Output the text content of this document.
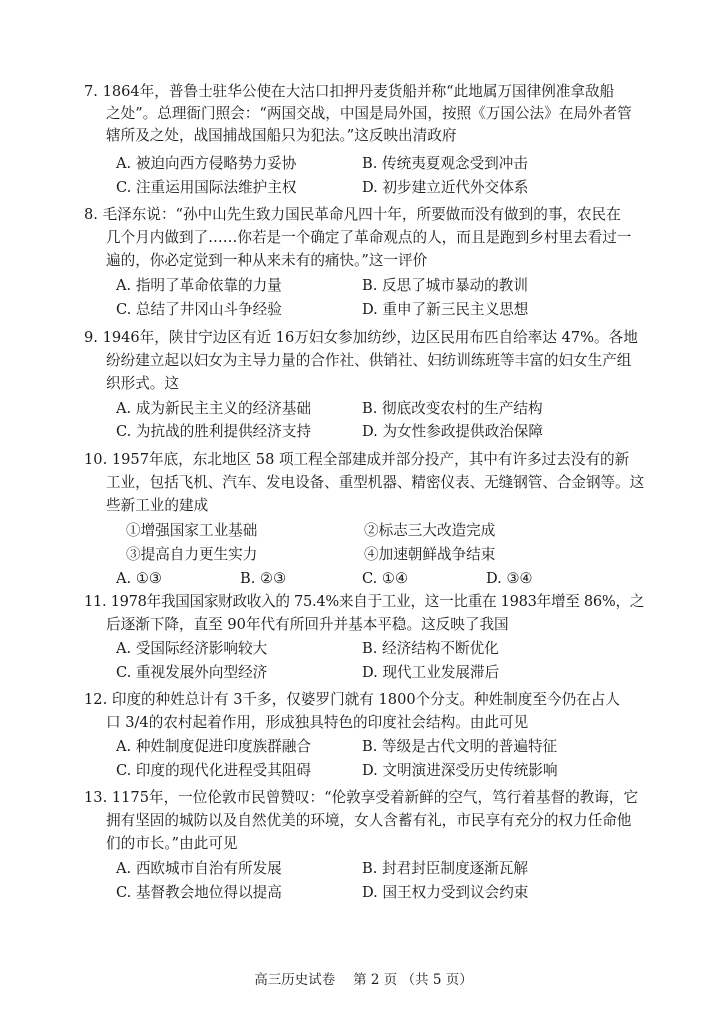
7. 1864年，普鲁士驻华公使在大沽口扣押丹麦货船并称“此地属万国律例准拿敌船
之处”。总理衙门照会：“两国交战，中国是局外国，按照《万国公法》在局外者管
辖所及之处，战国捕战国船只为犯法。”这反映出清政府
A. 被迫向西方侵略势力妥协	B. 传统夷夏观念受到冲击
C. 注重运用国际法维护主权	D. 初步建立近代外交体系
8. 毛泽东说：“孙中山先生致力国民革命凡四十年，所要做而没有做到的事，农民在
几个月内做到了……你若是一个确定了革命观点的人，而且是跑到乡村里去看过一
遍的，你必定觉到一种从来未有的痛快。”这一评价
A. 指明了革命依靠的力量	B. 反思了城市暴动的教训
C. 总结了井冈山斗争经验	D. 重申了新三民主义思想
9. 1946年，陕甘宁边区有近 16万妇女参加纺纱，边区民用布匹自给率达 47%。各地
纷纷建立起以妇女为主导力量的合作社、供销社、妇纺训练班等丰富的妇女生产组
织形式。这
A. 成为新民主主义的经济基础	B. 彻底改变农村的生产结构
C. 为抗战的胜利提供经济支持	D. 为女性参政提供政治保障
10. 1957年底，东北地区 58 项工程全部建成并部分投产，其中有许多过去没有的新
工业，包括飞机、汽车、发电设备、重型机器、精密仪表、无缝钢管、合金钢等。这
些新工业的建成
①增强国家工业基础	②标志三大改造完成
③提高自力更生实力	④加速朝鲜战争结束
A. ①③	B. ②③	C. ①④	D. ③④
11. 1978年我国国家财政收入的 75.4%来自于工业，这一比重在 1983年增至 86%，之
后逐渐下降，直至 90年代有所回升并基本平稳。这反映了我国
A. 受国际经济影响较大	B. 经济结构不断优化
C. 重视发展外向型经济	D. 现代工业发展滞后
12. 印度的种姓总计有 3千多，仅婆罗门就有 1800个分支。种姓制度至今仍在占人
口 3/4的农村起着作用，形成独具特色的印度社会结构。由此可见
A. 种姓制度促进印度族群融合	B. 等级是古代文明的普遍特征
C. 印度的现代化进程受其阻碍	D. 文明演进深受历史传统影响
13. 1175年，一位伦敦市民曾赞叹：“伦敦享受着新鲜的空气，笃行着基督的教诲，它
拥有坚固的城防以及自然优美的环境，女人含蓄有礼，市民享有充分的权力任命他
们的市长。”由此可见
A. 西欧城市自治有所发展	B. 封君封臣制度逐渐瓦解
C. 基督教会地位得以提高	D. 国王权力受到议会约束
高三历史试卷　 第 2 页 （共 5 页）
